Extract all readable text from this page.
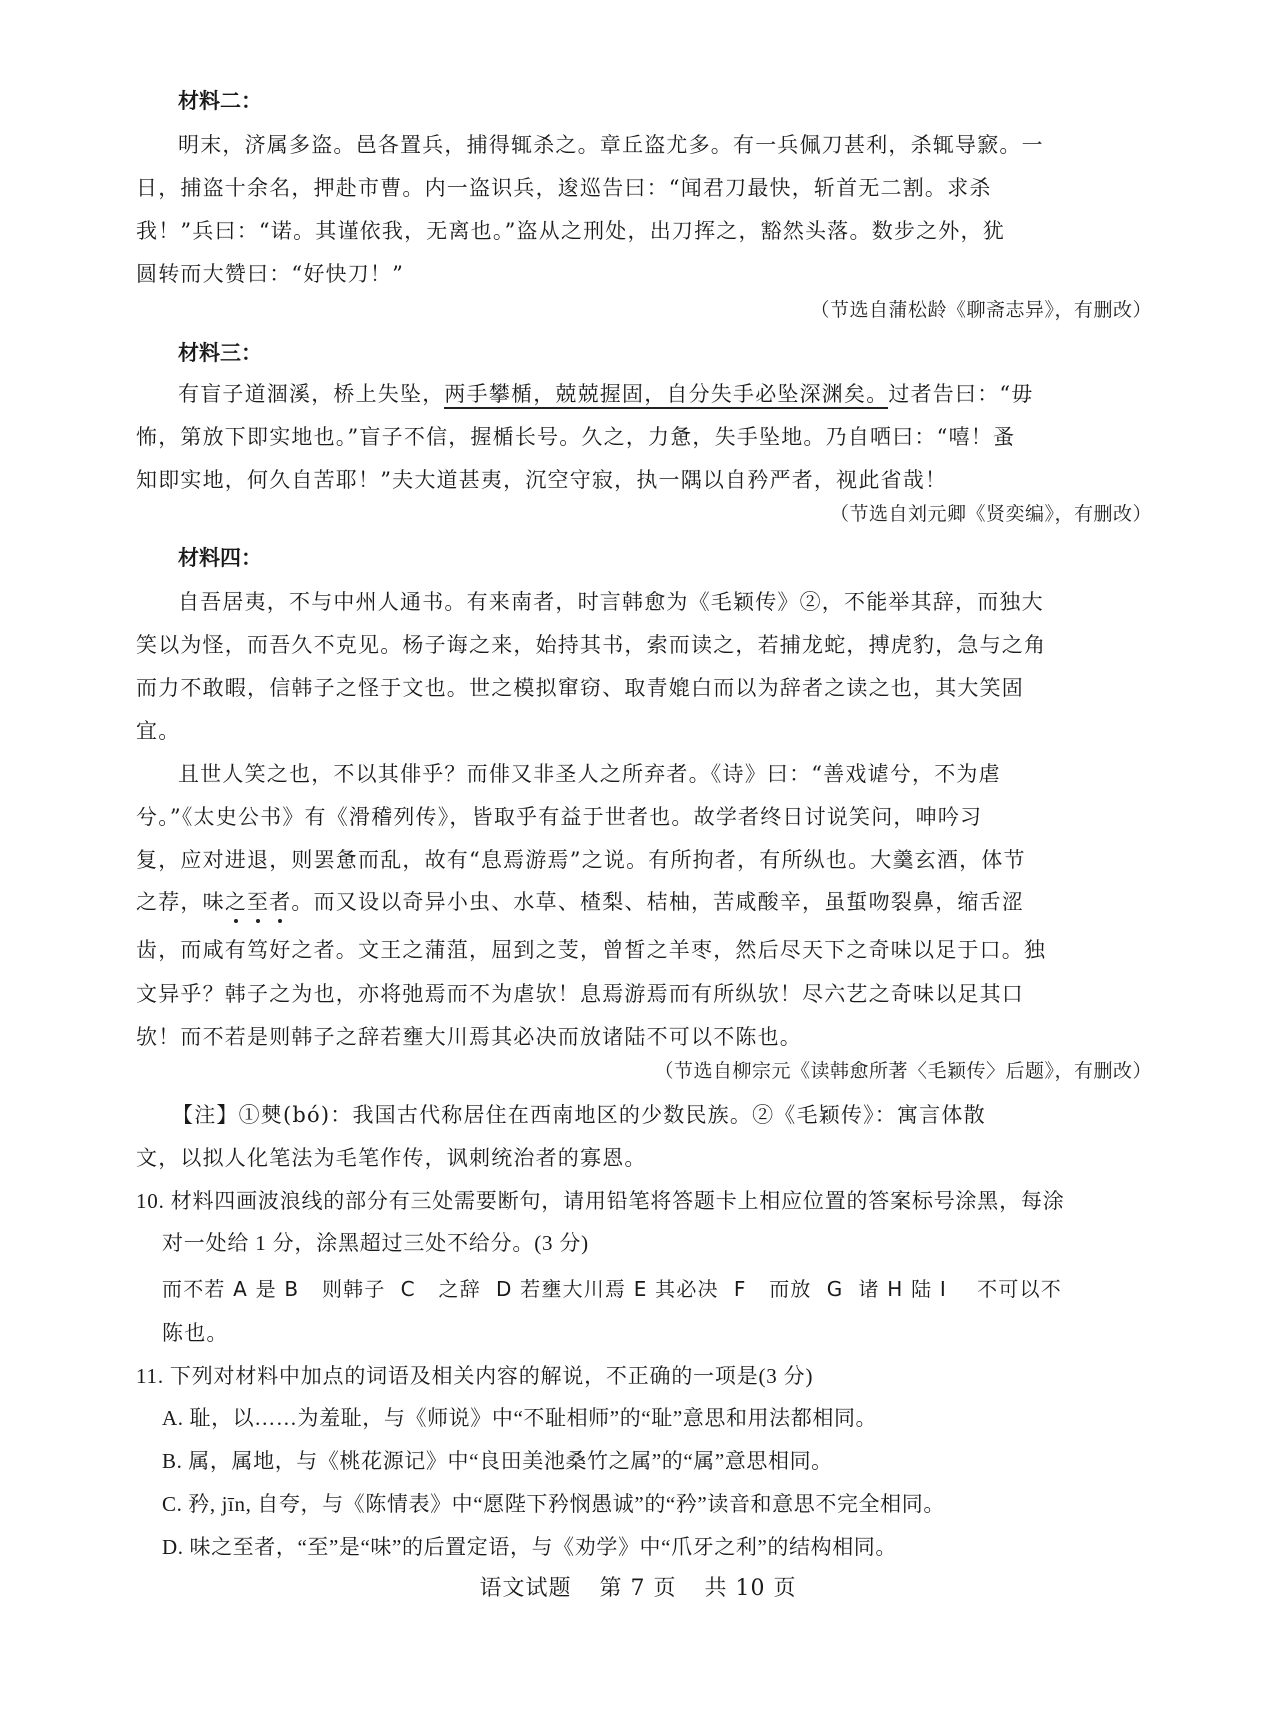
材料二：
明末，济属多盗。邑各置兵，捕得辄杀之。章丘盗尤多。有一兵佩刀甚利，杀辄导窾。一
日，捕盗十余名，押赴市曹。内一盗识兵，逡巡告曰：“闻君刀最快，斩首无二割。求杀
我！”兵曰：“诺。其谨依我，无离也。”盗从之刑处，出刀挥之，豁然头落。数步之外，犹
圆转而大赞曰：“好快刀！”
（节选自蒲松龄《聊斋志异》，有删改）
材料三：
有盲子道涸溪，桥上失坠，两手攀楯，兢兢握固，自分失手必坠深渊矣。过者告曰：“毋
怖，第放下即实地也。”盲子不信，握楯长号。久之，力惫，失手坠地。乃自哂曰：“嘻！蚤
知即实地，何久自苦耶！”夫大道甚夷，沉空守寂，执一隅以自矜严者，视此省哉！
（节选自刘元卿《贤奕编》，有删改）
材料四：
自吾居夷，不与中州人通书。有来南者，时言韩愈为《毛颖传》②，不能举其辞，而独大
笑以为怪，而吾久不克见。杨子诲之来，始持其书，索而读之，若捕龙蛇，搏虎豹，急与之角
而力不敢暇，信韩子之怪于文也。世之模拟窜窃、取青媲白而以为辞者之读之也，其大笑固
宜。
且世人笑之也，不以其俳乎？而俳又非圣人之所弃者。《诗》曰：“善戏谑兮，不为虐
兮。”《太史公书》有《滑稽列传》，皆取乎有益于世者也。故学者终日讨说笑问，呻吟习
复，应对进退，则罢惫而乱，故有“息焉游焉”之说。有所拘者，有所纵也。大羹玄酒，体节
之荐，味之至者。而又设以奇异小虫、水草、楂梨、桔柚，苦咸酸辛，虽蜇吻裂鼻，缩舌涩
齿，而咸有笃好之者。文王之蒲菹，屈到之芰，曾皙之羊枣，然后尽天下之奇味以足于口。独
文异乎？韩子之为也，亦将弛焉而不为虐欤！息焉游焉而有所纵欤！尽六艺之奇味以足其口
欤！而不若是则韩子之辞若壅大川焉其必决而放诸陆不可以不陈也。
（节选自柳宗元《读韩愈所著〈毛颖传〉后题》，有删改）
【注】①僰(bó)：我国古代称居住在西南地区的少数民族。②《毛颖传》：寓言体散
文，以拟人化笔法为毛笔作传，讽刺统治者的寡恩。
10. 材料四画波浪线的部分有三处需要断句，请用铅笔将答题卡上相应位置的答案标号涂黑，每涂
对一处给 1 分，涂黑超过三处不给分。(3 分)
而不若 A 是 B   则韩子  C   之辞  D 若壅大川焉 E 其必决  F   而放  G  诸 H 陆 I    不可以不
陈也。
11. 下列对材料中加点的词语及相关内容的解说，不正确的一项是(3 分)
A. 耻，以……为羞耻，与《师说》中“不耻相师”的“耻”意思和用法都相同。
B. 属，属地，与《桃花源记》中“良田美池桑竹之属”的“属”意思相同。
C. 矜, jīn, 自夸，与《陈情表》中“愿陛下矜悯愚诚”的“矜”读音和意思不完全相同。
D. 味之至者，“至”是“味”的后置定语，与《劝学》中“爪牙之利”的结构相同。
语文试题 第 7 页 共 10 页
